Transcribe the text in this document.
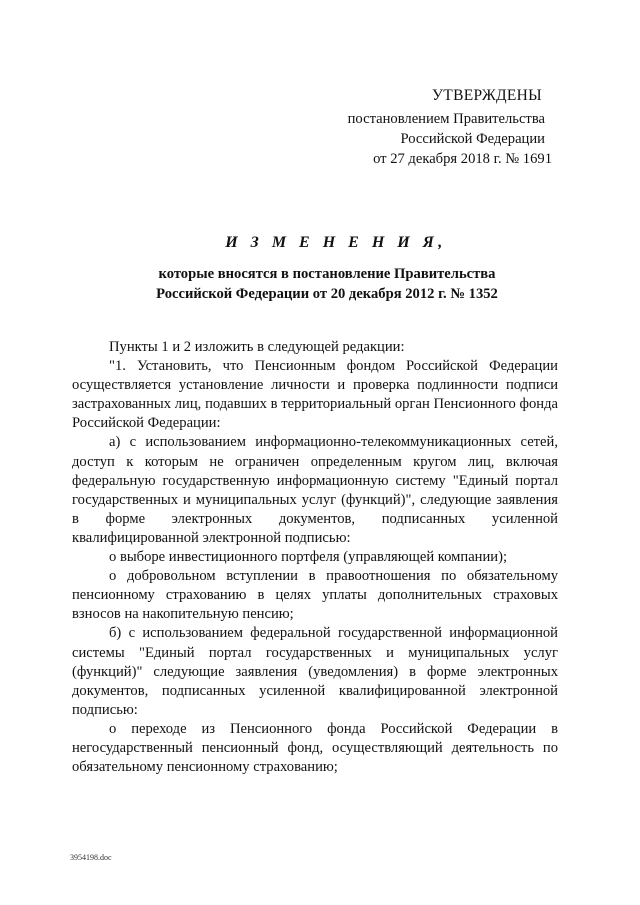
УТВЕРЖДЕНЫ
постановлением Правительства
Российской Федерации
от 27 декабря 2018 г. № 1691
И З М Е Н Е Н И Я,
которые вносятся в постановление Правительства
Российской Федерации от 20 декабря 2012 г. № 1352

Пункты 1 и 2 изложить в следующей редакции:

"1. Установить, что Пенсионным фондом Российской Федерации осуществляется установление личности и проверка подлинности подписи застрахованных лиц, подавших в территориальный орган Пенсионного фонда Российской Федерации:

а) с использованием информационно-телекоммуникационных сетей, доступ к которым не ограничен определенным кругом лиц, включая федеральную государственную информационную систему "Единый портал государственных и муниципальных услуг (функций)", следующие заявления в форме электронных документов, подписанных усиленной квалифицированной электронной подписью:

о выборе инвестиционного портфеля (управляющей компании);

о добровольном вступлении в правоотношения по обязательному пенсионному страхованию в целях уплаты дополнительных страховых взносов на накопительную пенсию;

б) с использованием федеральной государственной информационной системы "Единый портал государственных и муниципальных услуг (функций)" следующие заявления (уведомления) в форме электронных документов, подписанных усиленной квалифицированной электронной подписью:

о переходе из Пенсионного фонда Российской Федерации в негосударственный пенсионный фонд, осуществляющий деятельность по обязательному пенсионному страхованию;

3954198.doc
